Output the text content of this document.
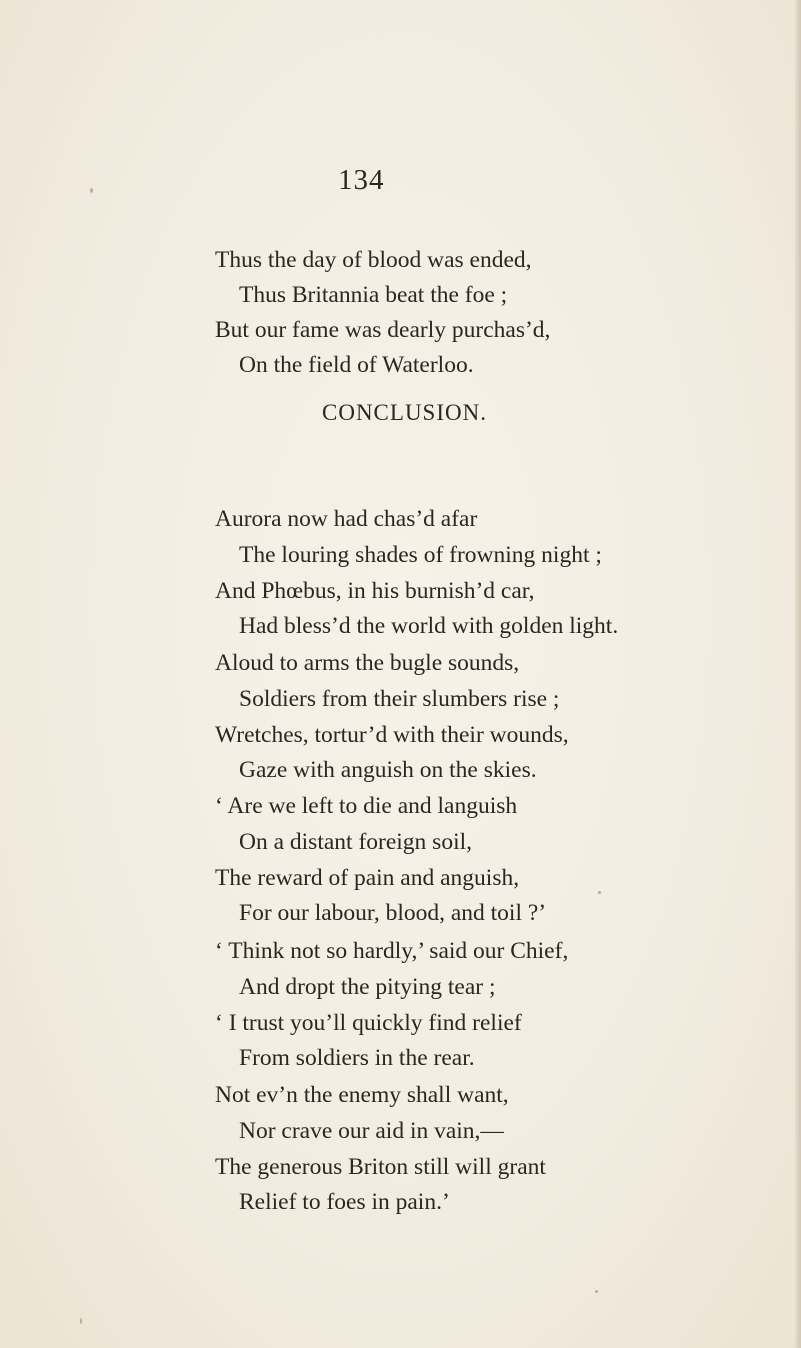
134
Thus the day of blood was ended,
Thus Britannia beat the foe ;
But our fame was dearly purchas’d,
On the field of Waterloo.
CONCLUSION.
Aurora now had chas’d afar
The louring shades of frowning night ;
And Phœbus, in his burnish’d car,
Had bless’d the world with golden light.
Aloud to arms the bugle sounds,
Soldiers from their slumbers rise ;
Wretches, tortur’d with their wounds,
Gaze with anguish on the skies.
‘ Are we left to die and languish
On a distant foreign soil,
The reward of pain and anguish,
For our labour, blood, and toil ?’
‘ Think not so hardly,’ said our Chief,
And dropt the pitying tear ;
‘ I trust you’ll quickly find relief
From soldiers in the rear.
Not ev’n the enemy shall want,
Nor crave our aid in vain,—
The generous Briton still will grant
Relief to foes in pain.’
